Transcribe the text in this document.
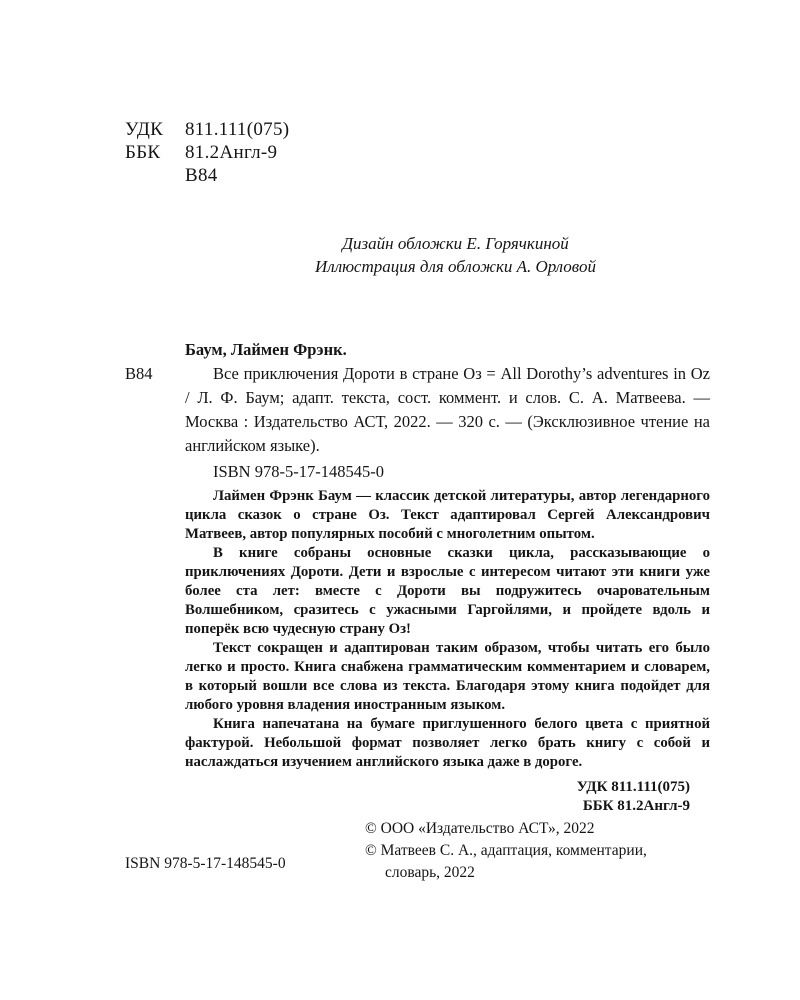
УДК	811.111(075)
ББК	81.2Англ-9
В84
Дизайн обложки Е. Горячкиной
Иллюстрация для обложки А. Орловой

Баум, Лаймен Фрэнк.

В84	Все приключения Дороти в стране Оз = All Dorothy’s adventures in Oz / Л. Ф. Баум; адапт. текста, сост. коммент. и слов. С. А. Матвеева. — Москва : Издательство АСТ, 2022. — 320 с. — (Эксклюзивное чтение на английском языке).

ISBN 978-5-17-148545-0

Лаймен Фрэнк Баум — классик детской литературы, автор легендарного цикла сказок о стране Оз. Текст адаптировал Сергей Александрович Матвеев, автор популярных пособий с многолетним опытом.

В книге собраны основные сказки цикла, рассказывающие о приключениях Дороти. Дети и взрослые с интересом читают эти книги уже более ста лет: вместе с Дороти вы подружитесь очаровательным Волшебником, сразитесь с ужасными Гаргойлями, и пройдете вдоль и поперёк всю чудесную страну Оз!

Текст сокращен и адаптирован таким образом, чтобы читать его было легко и просто. Книга снабжена грамматическим комментарием и словарем, в который вошли все слова из текста. Благодаря этому книга подойдет для любого уровня владения иностранным языком.

Книга напечатана на бумаге приглушенного белого цвета с приятной фактурой. Небольшой формат позволяет легко брать книгу с собой и наслаждаться изучением английского языка даже в дороге.

УДК 811.111(075)
ББК 81.2Англ-9
© ООО «Издательство АСТ», 2022
© Матвеев С. А., адаптация, комментарии, словарь, 2022
ISBN 978-5-17-148545-0
